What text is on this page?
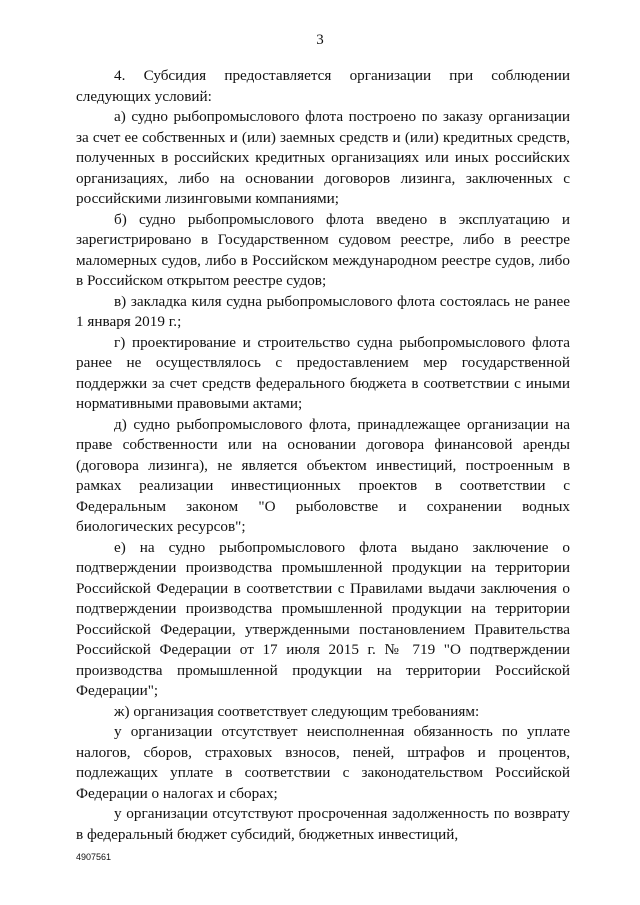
3

4. Субсидия предоставляется организации при соблюдении следующих условий:

а) судно рыбопромыслового флота построено по заказу организации за счет ее собственных и (или) заемных средств и (или) кредитных средств, полученных в российских кредитных организациях или иных российских организациях, либо на основании договоров лизинга, заключенных с российскими лизинговыми компаниями;

б) судно рыбопромыслового флота введено в эксплуатацию и зарегистрировано в Государственном судовом реестре, либо в реестре маломерных судов, либо в Российском международном реестре судов, либо в Российском открытом реестре судов;

в) закладка киля судна рыбопромыслового флота состоялась не ранее 1 января 2019 г.;

г) проектирование и строительство судна рыбопромыслового флота ранее не осуществлялось с предоставлением мер государственной поддержки за счет средств федерального бюджета в соответствии с иными нормативными правовыми актами;

д) судно рыбопромыслового флота, принадлежащее организации на праве собственности или на основании договора финансовой аренды (договора лизинга), не является объектом инвестиций, построенным в рамках реализации инвестиционных проектов в соответствии с Федеральным законом "О рыболовстве и сохранении водных биологических ресурсов";

е) на судно рыбопромыслового флота выдано заключение о подтверждении производства промышленной продукции на территории Российской Федерации в соответствии с Правилами выдачи заключения о подтверждении производства промышленной продукции на территории Российской Федерации, утвержденными постановлением Правительства Российской Федерации от 17 июля 2015 г. № 719 "О подтверждении производства промышленной продукции на территории Российской Федерации";

ж) организация соответствует следующим требованиям:

у организации отсутствует неисполненная обязанность по уплате налогов, сборов, страховых взносов, пеней, штрафов и процентов, подлежащих уплате в соответствии с законодательством Российской Федерации о налогах и сборах;

у организации отсутствуют просроченная задолженность по возврату в федеральный бюджет субсидий, бюджетных инвестиций,

4907561
